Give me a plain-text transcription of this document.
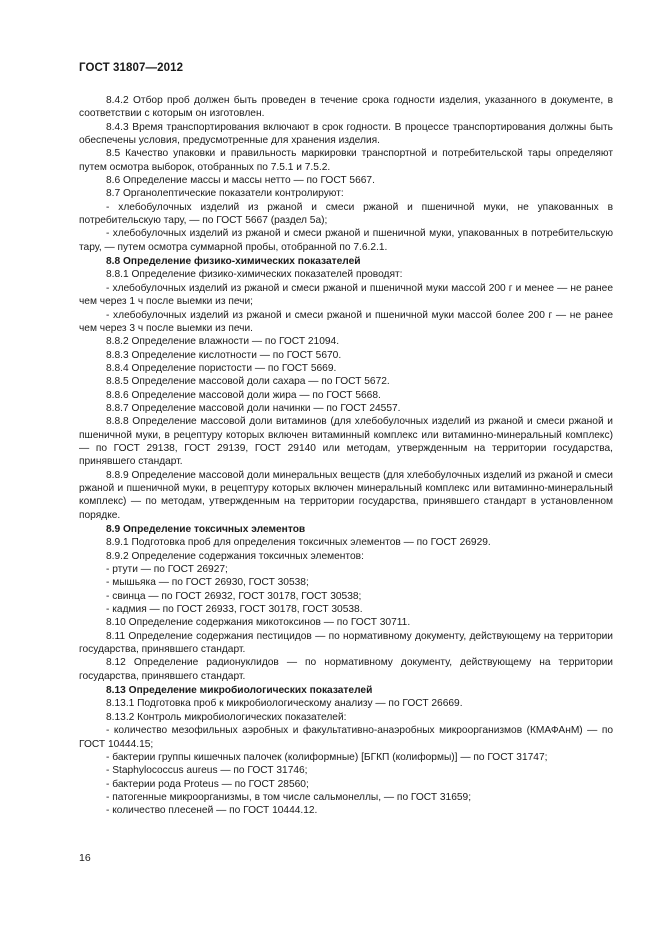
ГОСТ 31807—2012

8.4.2 Отбор проб должен быть проведен в течение срока годности изделия, указанного в документе, в соответствии с которым он изготовлен.

8.4.3 Время транспортирования включают в срок годности. В процессе транспортирования должны быть обеспечены условия, предусмотренные для хранения изделия.

8.5 Качество упаковки и правильность маркировки транспортной и потребительской тары определяют путем осмотра выборок, отобранных по 7.5.1 и 7.5.2.

8.6 Определение массы и массы нетто — по ГОСТ 5667.

8.7 Органолептические показатели контролируют:

- хлебобулочных изделий из ржаной и смеси ржаной и пшеничной муки, не упакованных в потребительскую тару, — по ГОСТ 5667 (раздел 5а);

- хлебобулочных изделий из ржаной и смеси ржаной и пшеничной муки, упакованных в потребительскую тару, — путем осмотра суммарной пробы, отобранной по 7.6.2.1.

8.8 Определение физико-химических показателей

8.8.1 Определение физико-химических показателей проводят:

- хлебобулочных изделий из ржаной и смеси ржаной и пшеничной муки массой 200 г и менее — не ранее чем через 1 ч после выемки из печи;

- хлебобулочных изделий из ржаной и смеси ржаной и пшеничной муки массой более 200 г — не ранее чем через 3 ч после выемки из печи.

8.8.2 Определение влажности — по ГОСТ 21094.

8.8.3 Определение кислотности — по ГОСТ 5670.

8.8.4 Определение пористости — по ГОСТ 5669.

8.8.5 Определение массовой доли сахара — по ГОСТ 5672.

8.8.6 Определение массовой доли жира — по ГОСТ 5668.

8.8.7 Определение массовой доли начинки — по ГОСТ 24557.

8.8.8 Определение массовой доли витаминов (для хлебобулочных изделий из ржаной и смеси ржаной и пшеничной муки, в рецептуру которых включен витаминный комплекс или витаминно-минеральный комплекс) — по ГОСТ 29138, ГОСТ 29139, ГОСТ 29140 или методам, утвержденным на территории государства, принявшего стандарт.

8.8.9 Определение массовой доли минеральных веществ (для хлебобулочных изделий из ржаной и смеси ржаной и пшеничной муки, в рецептуру которых включен минеральный комплекс или витаминно-минеральный комплекс) — по методам, утвержденным на территории государства, принявшего стандарт в установленном порядке.

8.9 Определение токсичных элементов

8.9.1 Подготовка проб для определения токсичных элементов — по ГОСТ 26929.

8.9.2 Определение содержания токсичных элементов:

- ртути — по ГОСТ 26927;

- мышьяка — по ГОСТ 26930, ГОСТ 30538;

- свинца — по ГОСТ 26932, ГОСТ 30178, ГОСТ 30538;

- кадмия — по ГОСТ 26933, ГОСТ 30178, ГОСТ 30538.

8.10 Определение содержания микотоксинов — по ГОСТ 30711.

8.11 Определение содержания пестицидов — по нормативному документу, действующему на территории государства, принявшего стандарт.

8.12 Определение радионуклидов — по нормативному документу, действующему на территории государства, принявшего стандарт.

8.13 Определение микробиологических показателей

8.13.1 Подготовка проб к микробиологическому анализу — по ГОСТ 26669.

8.13.2 Контроль микробиологических показателей:

- количество мезофильных аэробных и факультативно-анаэробных микроорганизмов (КМАФАнМ) — по ГОСТ 10444.15;

- бактерии группы кишечных палочек (колиформные) [БГКП (колиформы)] — по ГОСТ 31747;

- Staphylococcus aureus — по ГОСТ 31746;

- бактерии рода Proteus — по ГОСТ 28560;

- патогенные микроорганизмы, в том числе сальмонеллы, — по ГОСТ 31659;

- количество плесеней — по ГОСТ 10444.12.

16
